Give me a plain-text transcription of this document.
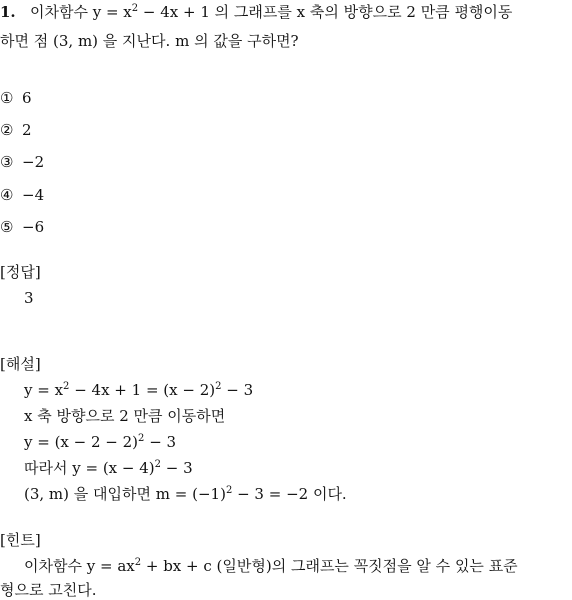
1. 이차함수 $y = x^2 - 4x + 1$ 의 그래프를 x 축의 방향으로 2 만큼 평행이동
하면 점 (3, m) 을 지난다. m 의 값을 구하면?
① 6
② 2
③ −2
④ −4
⑤ −6
[정답]
3
[해설]
$y = x^2 - 4x + 1 = (x - 2)^2 - 3$
x 축 방향으로 2 만큼 이동하면
$y = (x - 2 - 2)^2 - 3$
따라서 $y = (x - 4)^2 - 3$
(3, m) 을 대입하면 $m = (-1)^2 - 3 = -2$ 이다.
[힌트]
이차함수 $y = ax^2$ + bx + c (일반형)의 그래프는 꼭짓점을 알 수 있는 표준
형으로 고친다.
